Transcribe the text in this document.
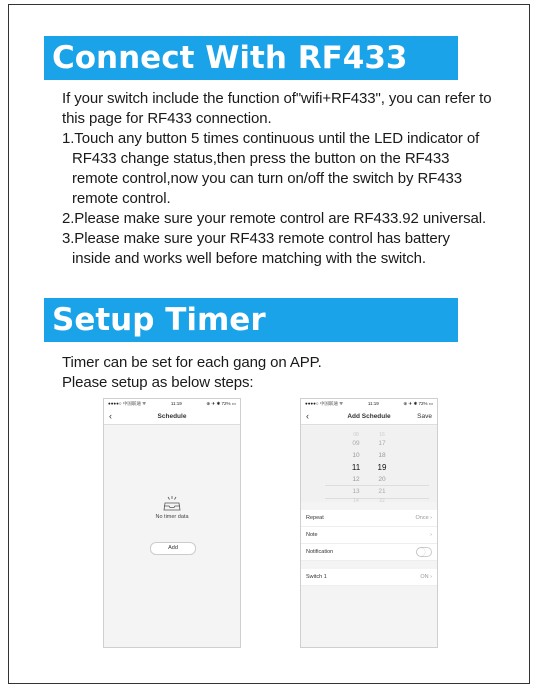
Connect With RF433

If your switch include the function of"wifi+RF433", you can refer to this page for RF433 connection.

1.Touch any button 5 times continuous until the LED indicator of RF433 change status,then press the button on the RF433 remote control,now you can turn on/off the switch by RF433 remote control.

2.Please make sure your remote control are RF433.92 universal.

3.Please make sure your RF433 remote control has battery inside and works well before matching with the switch.

Setup Timer

Timer can be set for each gang on APP.

Please setup as below steps:

●●●●○ 中国联通 ᯤ	11:19	⊕ ✈ ✱ 72% ▭
‹	Schedule
No timer data
Add
●●●●○ 中国联通 ᯤ	11:19	⊕ ✈ ✱ 72% ▭
‹	Add Schedule	Save
08
09
10
11
12
13
14
16
17
18
19
20
21
22
Repeat	Once ›
Note	›
Notification
Switch 1	ON ›
